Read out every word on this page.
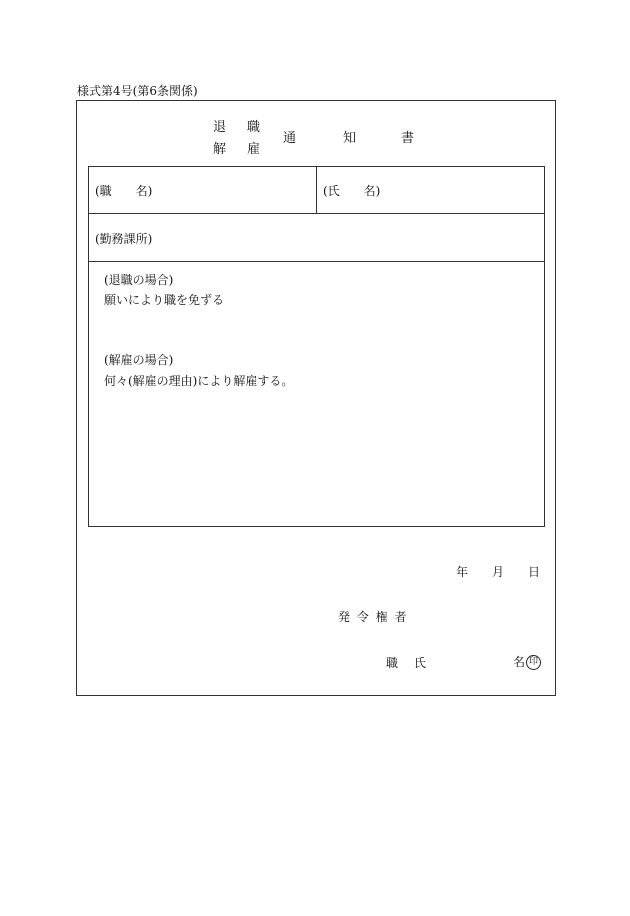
様式第4号(第6条関係)
退 職
解 雇
通	知	書
(職　　名)	(氏　　名)
(勤務課所)
(退職の場合)
願いにより職を免ずる
(解雇の場合)
何々(解雇の理由)により解雇する。
年 月 日
発 令 権 者
職 氏	名 印
